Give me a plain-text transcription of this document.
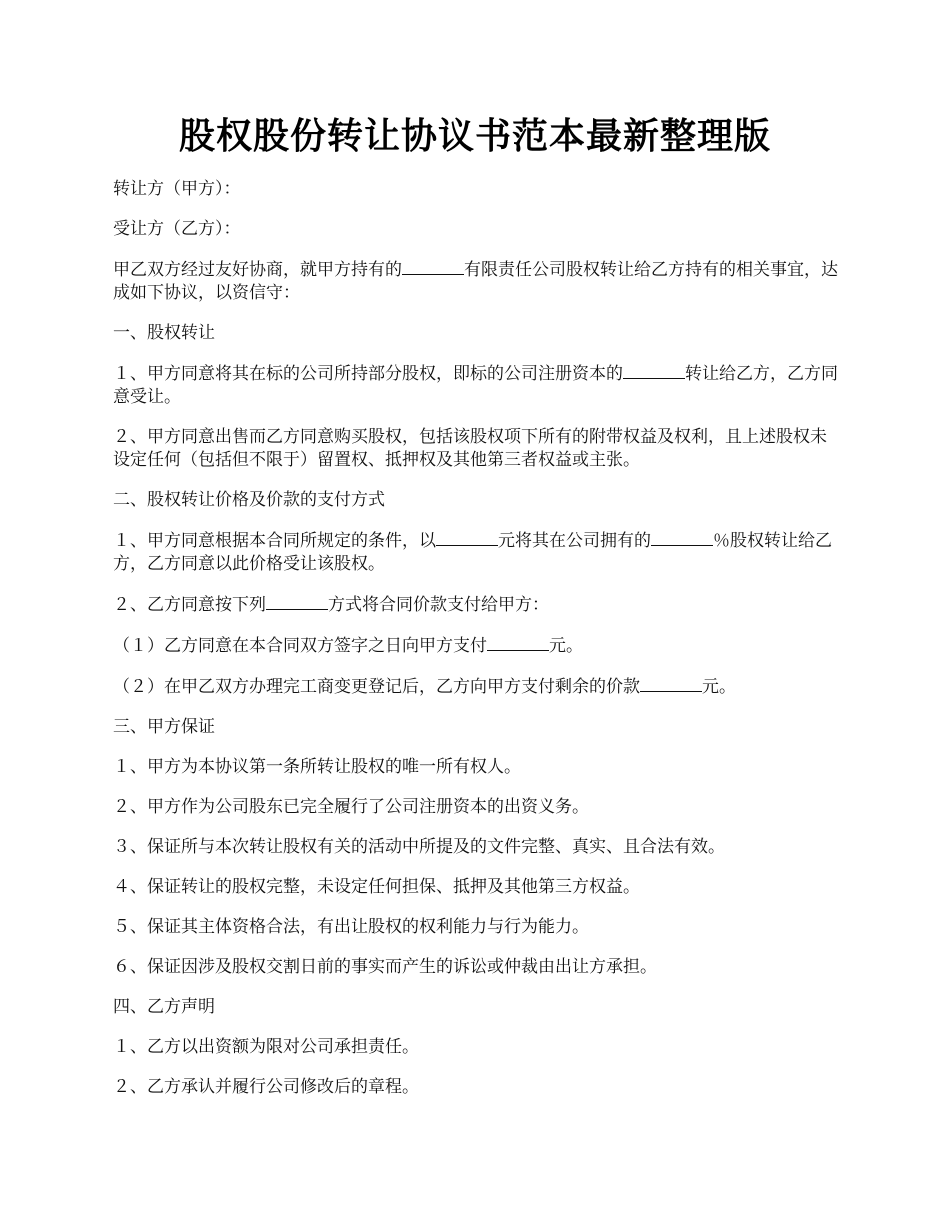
股权股份转让协议书范本最新整理版
转让方（甲方）：
受让方（乙方）：
甲乙双方经过友好协商，就甲方持有的	有限责任公司股权转让给乙方持有的相关事宜，达成如下协议，以资信守：
一、股权转让
１、甲方同意将其在标的公司所持部分股权，即标的公司注册资本的	转让给乙方，乙方同意受让。
２、甲方同意出售而乙方同意购买股权，包括该股权项下所有的附带权益及权利，且上述股权未设定任何（包括但不限于）留置权、抵押权及其他第三者权益或主张。
二、股权转让价格及价款的支付方式
１、甲方同意根据本合同所规定的条件，以	元将其在公司拥有的	％股权转让给乙方，乙方同意以此价格受让该股权。
２、乙方同意按下列	方式将合同价款支付给甲方：
（１）乙方同意在本合同双方签字之日向甲方支付	元。
（２）在甲乙双方办理完工商变更登记后，乙方向甲方支付剩余的价款	元。
三、甲方保证
１、甲方为本协议第一条所转让股权的唯一所有权人。
２、甲方作为公司股东已完全履行了公司注册资本的出资义务。
３、保证所与本次转让股权有关的活动中所提及的文件完整、真实、且合法有效。
４、保证转让的股权完整，未设定任何担保、抵押及其他第三方权益。
５、保证其主体资格合法，有出让股权的权利能力与行为能力。
６、保证因涉及股权交割日前的事实而产生的诉讼或仲裁由出让方承担。
四、乙方声明
１、乙方以出资额为限对公司承担责任。
２、乙方承认并履行公司修改后的章程。
